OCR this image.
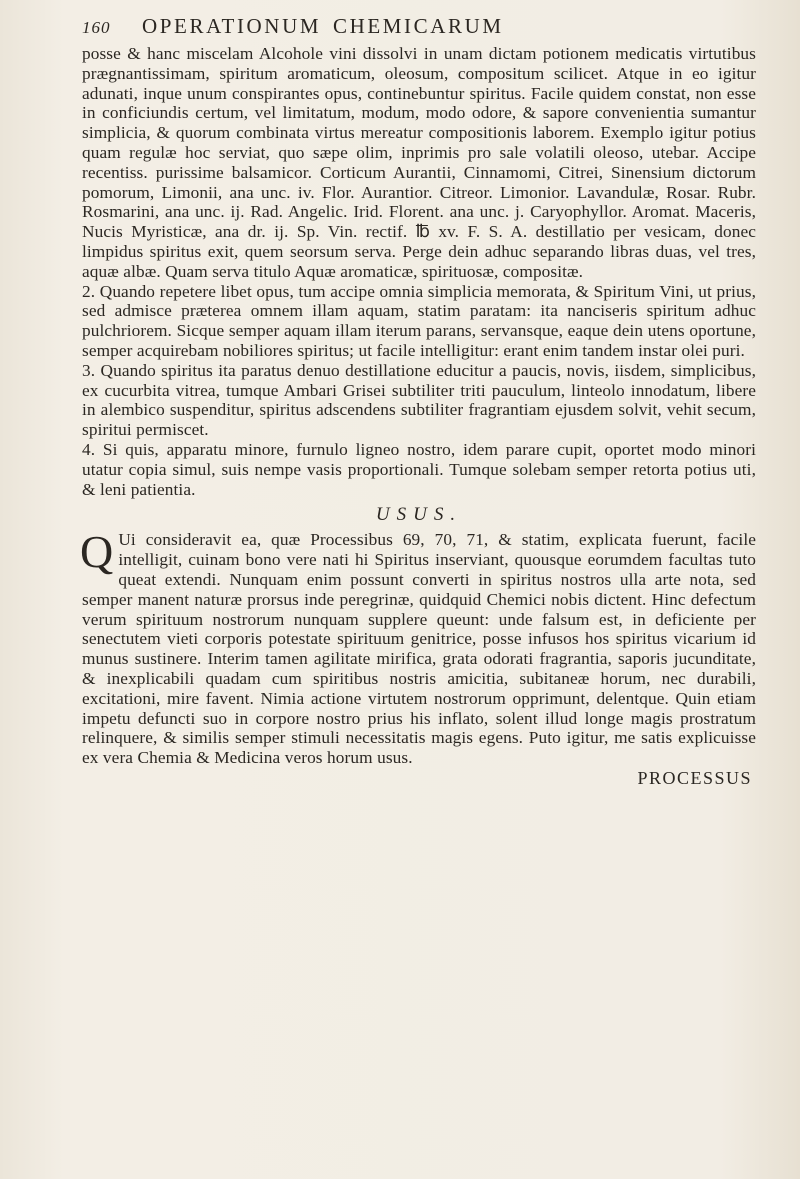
160	OPERATIONUM CHEMICARUM

posse & hanc miscelam Alcohole vini dissolvi in unam dictam potionem medicatis virtutibus prægnantissimam, spiritum aromaticum, oleosum, compositum scilicet. Atque in eo igitur adunati, inque unum conspirantes opus, continebuntur spiritus. Facile quidem constat, non esse in conficiundis certum, vel limitatum, modum, modo odore, & sapore convenientia sumantur simplicia, & quorum combinata virtus mereatur compositionis laborem. Exemplo igitur potius quam regulæ hoc serviat, quo sæpe olim, inprimis pro sale volatili oleoso, utebar. Accipe recentiss. purissime balsamicor. Corticum Aurantii, Cinnamomi, Citrei, Sinensium dictorum pomorum, Limonii, ana unc. iv. Flor. Aurantior. Citreor. Limonior. Lavandulæ, Rosar. Rubr. Rosmarini, ana unc. ij. Rad. Angelic. Irid. Florent. ana unc. j. Caryophyllor. Aromat. Maceris, Nucis Myristicæ, ana dr. ij. Sp. Vin. rectif. ℔ xv. F. S. A. destillatio per vesicam, donec limpidus spiritus exit, quem seorsum serva. Perge dein adhuc separando libras duas, vel tres, aquæ albæ. Quam serva titulo Aquæ aromaticæ, spirituosæ, compositæ.

2. Quando repetere libet opus, tum accipe omnia simplicia memorata, & Spiritum Vini, ut prius, sed admisce præterea omnem illam aquam, statim paratam: ita nanciseris spiritum adhuc pulchriorem. Sicque semper aquam illam iterum parans, servansque, eaque dein utens oportune, semper acquirebam nobiliores spiritus; ut facile intelligitur: erant enim tandem instar olei puri.

3. Quando spiritus ita paratus denuo destillatione educitur a paucis, novis, iisdem, simplicibus, ex cucurbita vitrea, tumque Ambari Grisei subtiliter triti pauculum, linteolo innodatum, libere in alembico suspenditur, spiritus adscendens subtiliter fragrantiam ejusdem solvit, vehit secum, spiritui permiscet.

4. Si quis, apparatu minore, furnulo ligneo nostro, idem parare cupit, oportet modo minori utatur copia simul, suis nempe vasis proportionali. Tumque solebam semper retorta potius uti, & leni patientia.

USUS.

Q Ui consideravit ea, quæ Processibus 69, 70, 71, & statim, explicata fuerunt, facile intelligit, cuinam bono vere nati hi Spiritus inserviant, quousque eorumdem facultas tuto queat extendi. Nunquam enim possunt converti in spiritus nostros ulla arte nota, sed semper manent naturæ prorsus inde peregrinæ, quidquid Chemici nobis dictent. Hinc defectum verum spirituum nostrorum nunquam supplere queunt: unde falsum est, in deficiente per senectutem vieti corporis potestate spirituum genitrice, posse infusos hos spiritus vicarium id munus sustinere. Interim tamen agilitate mirifica, grata odorati fragrantia, saporis jucunditate, & inexplicabili quadam cum spiritibus nostris amicitia, subitaneæ horum, nec durabili, excitationi, mire favent. Nimia actione virtutem nostrorum opprimunt, delentque. Quin etiam impetu defuncti suo in corpore nostro prius his inflato, solent illud longe magis prostratum relinquere, & similis semper stimuli necessitatis magis egens. Puto igitur, me satis explicuisse ex vera Chemia & Medicina veros horum usus.

PROCESSUS
